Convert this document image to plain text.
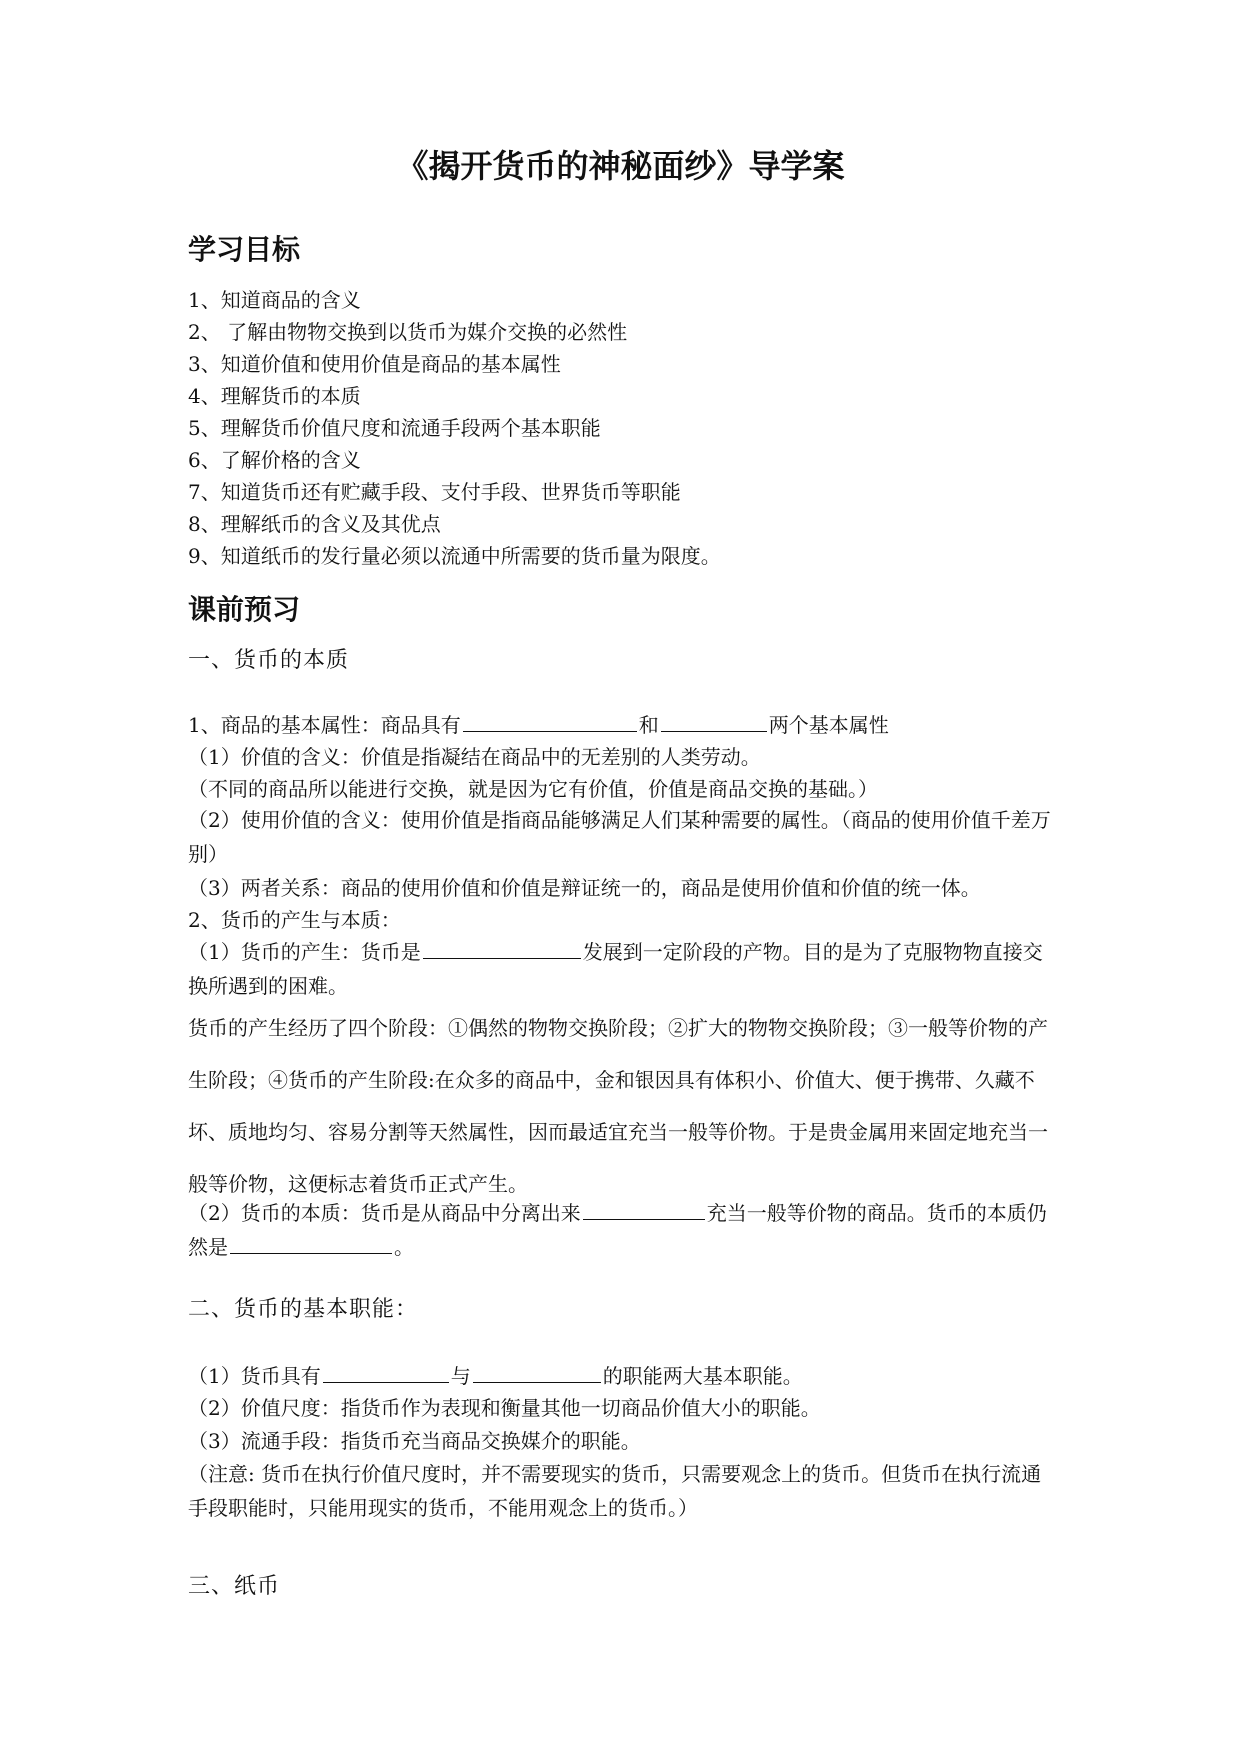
《揭开货币的神秘面纱》导学案
学习目标
1、知道商品的含义
2、 了解由物物交换到以货币为媒介交换的必然性
3、知道价值和使用价值是商品的基本属性
4、理解货币的本质
5、理解货币价值尺度和流通手段两个基本职能
6、了解价格的含义
7、知道货币还有贮藏手段、支付手段、世界货币等职能
8、理解纸币的含义及其优点
9、知道纸币的发行量必须以流通中所需要的货币量为限度。
课前预习
一、货币的本质
1、商品的基本属性：商品具有	和	两个基本属性
（1）价值的含义：价值是指凝结在商品中的无差别的人类劳动。
（不同的商品所以能进行交换，就是因为它有价值，价值是商品交换的基础。）
（2）使用价值的含义：使用价值是指商品能够满足人们某种需要的属性。（商品的使用价值千差万别）
（3）两者关系：商品的使用价值和价值是辩证统一的，商品是使用价值和价值的统一体。
2、货币的产生与本质：
（1）货币的产生：货币是	发展到一定阶段的产物。目的是为了克服物物直接交换所遇到的困难。
货币的产生经历了四个阶段：①偶然的物物交换阶段；②扩大的物物交换阶段；③一般等价物的产生阶段；④货币的产生阶段:在众多的商品中，金和银因具有体积小、价值大、便于携带、久藏不坏、质地均匀、容易分割等天然属性，因而最适宜充当一般等价物。于是贵金属用来固定地充当一般等价物，这便标志着货币正式产生。
（2）货币的本质：货币是从商品中分离出来	充当一般等价物的商品。货币的本质仍然是	。
二、货币的基本职能：
（1）货币具有	与	的职能两大基本职能。
（2）价值尺度：指货币作为表现和衡量其他一切商品价值大小的职能。
（3）流通手段：指货币充当商品交换媒介的职能。
（注意: 货币在执行价值尺度时，并不需要现实的货币，只需要观念上的货币。但货币在执行流通手段职能时，只能用现实的货币，不能用观念上的货币。）
三、纸币
